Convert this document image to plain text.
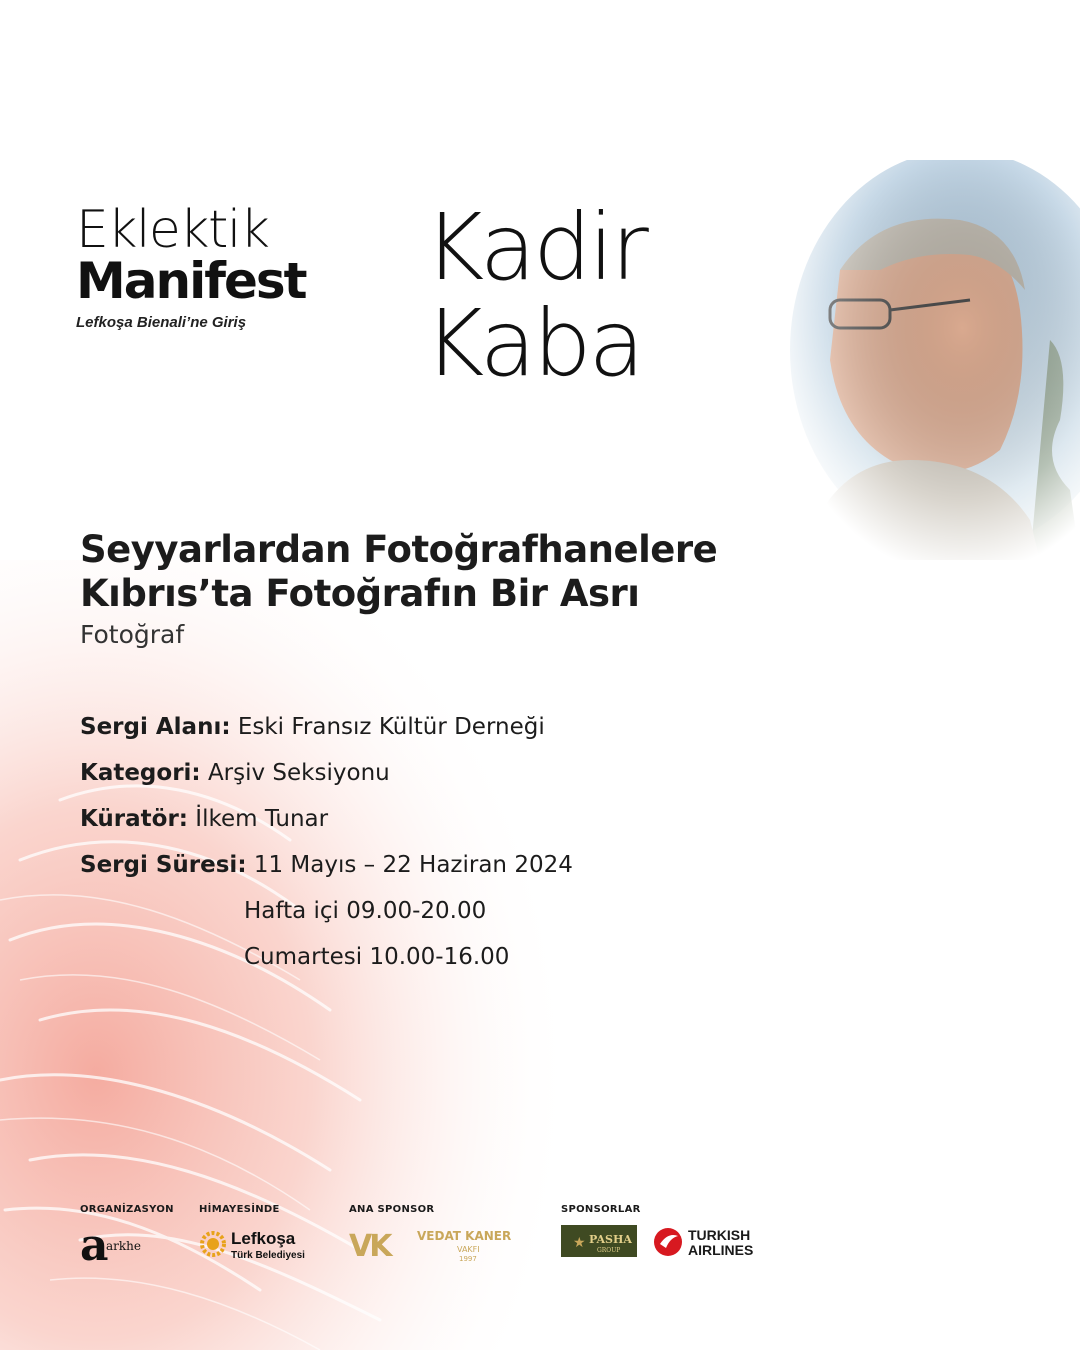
Eklektik
Manifest
Lefkoşa Bienali’ne Giriş
Kadir
Kaba
Seyyarlardan Fotoğrafhanelere
Kıbrıs’ta Fotoğrafın Bir Asrı
Fotoğraf
Sergi Alanı: Eski Fransız Kültür Derneği
Kategori: Arşiv Seksiyonu
Küratör: İlkem Tunar
Sergi Süresi: 11 Mayıs – 22 Haziran 2024
Hafta içi 09.00-20.00
Cumartesi 10.00-16.00
ORGANİZASYON
a
arkhe
HİMAYESİNDE
Lefkoşa
Türk Belediyesi
ANA SPONSOR
VK	VEDAT KANER
VAKFI
1997
SPONSORLAR
★ PASHA
GROUP
TURKISH
AIRLINES
